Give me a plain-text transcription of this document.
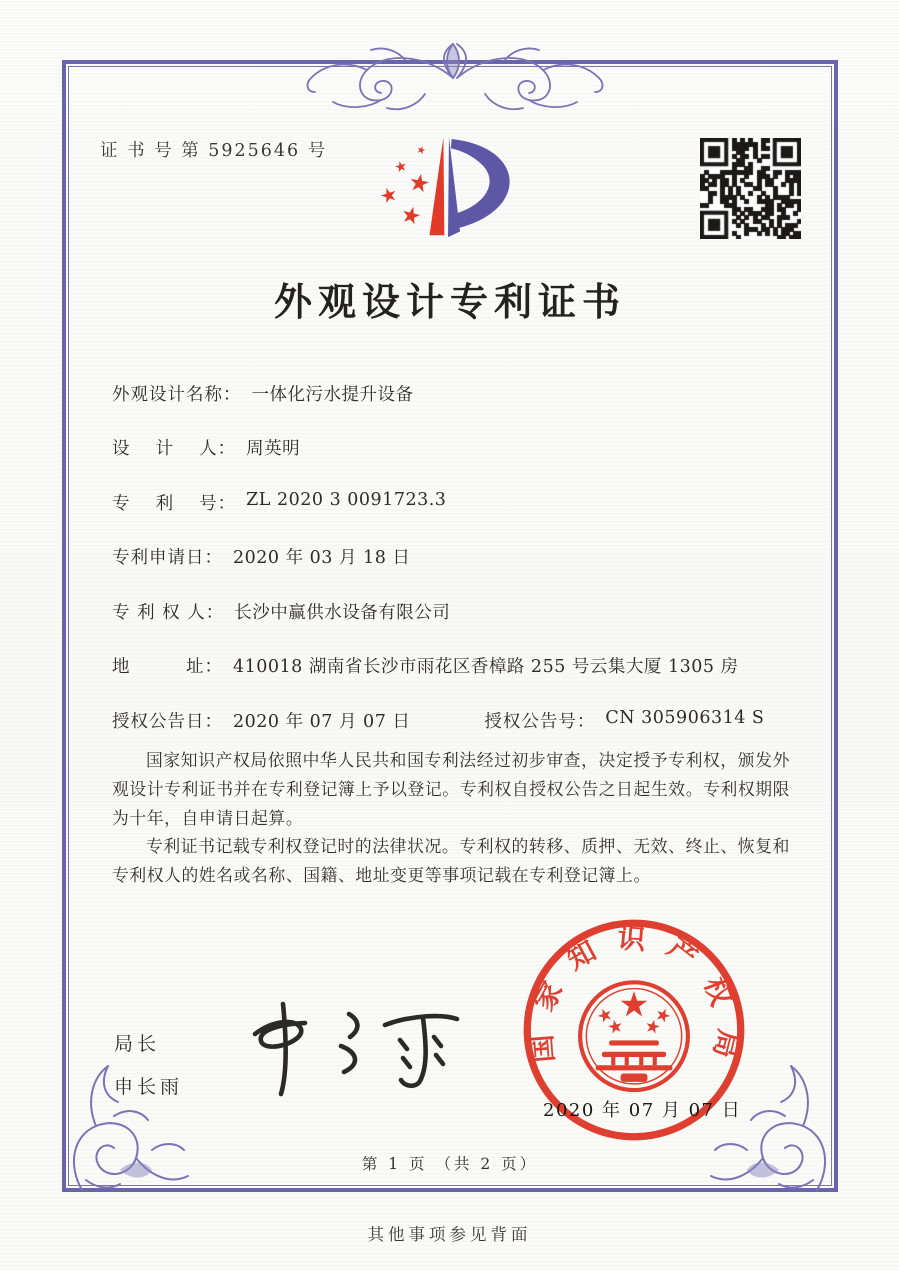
证 书 号 第 5925646 号
外观设计专利证书
外观设计名称： 一体化污水提升设备
设　 计　 人： 周英明
专　 利　 号： ZL 2020 3 0091723.3
专利申请日： 2020 年 03 月 18 日
专 利 权 人： 长沙中赢供水设备有限公司
地　　　址： 410018 湖南省长沙市雨花区香樟路 255 号云集大厦 1305 房
授权公告日： 2020 年 07 月 07 日	授权公告号： CN 305906314 S

国家知识产权局依照中华人民共和国专利法经过初步审查，决定授予专利权，颁发外观设计专利证书并在专利登记簿上予以登记。专利权自授权公告之日起生效。专利权期限为十年，自申请日起算。

专利证书记载专利权登记时的法律状况。专利权的转移、质押、无效、终止、恢复和专利权人的姓名或名称、国籍、地址变更等事项记载在专利登记簿上。

局长
申长雨
国家知识产权局
2020 年 07 月 07 日
第 1 页 （共 2 页）
其他事项参见背面
